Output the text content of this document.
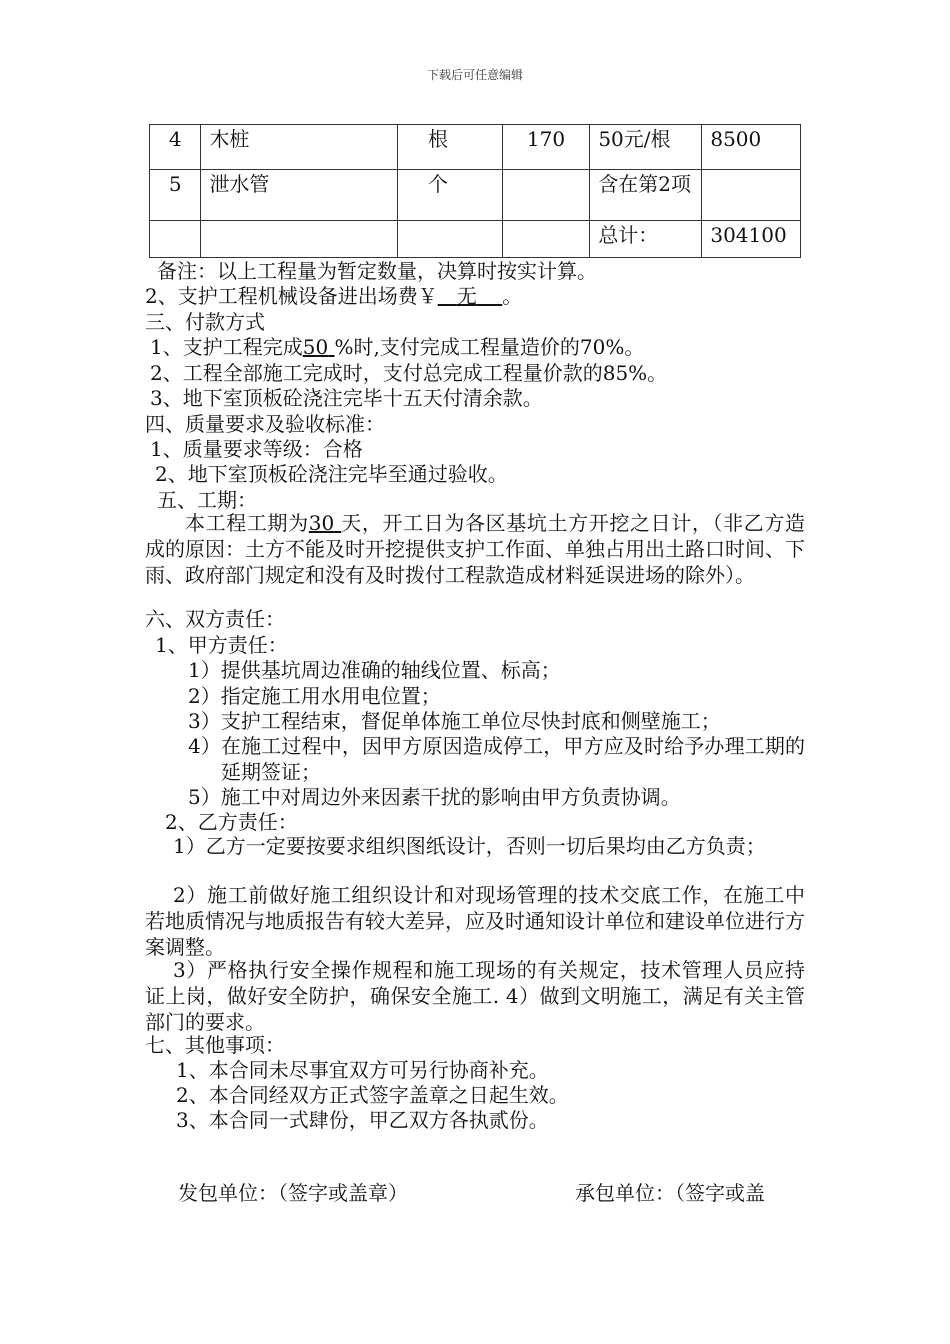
下载后可任意编辑
4	木桩	根	170	50元/根	8500
5	泄水管	个		含在第2项	
				总计：	304100
备注：以上工程量为暂定数量，决算时按实计算。
2、支护工程机械设备进出场费￥ 无 。
三、付款方式
1、支护工程完成50 %时,支付完成工程量造价的70%。
2、工程全部施工完成时，支付总完成工程量价款的85%。
3、地下室顶板砼浇注完毕十五天付清余款。
四、质量要求及验收标准：
1、质量要求等级：合格
2、地下室顶板砼浇注完毕至通过验收。
五、工期：
本工程工期为30 天，开工日为各区基坑土方开挖之日计，（非乙方造成的原因：土方不能及时开挖提供支护工作面、单独占用出土路口时间、下雨、政府部门规定和没有及时拨付工程款造成材料延误进场的除外）。
六、双方责任：
1、甲方责任：
1）提供基坑周边准确的轴线位置、标高；
2）指定施工用水用电位置；
3）支护工程结束，督促单体施工单位尽快封底和侧壁施工；
4）在施工过程中，因甲方原因造成停工，甲方应及时给予办理工期的延期签证；
5）施工中对周边外来因素干扰的影响由甲方负责协调。
2、乙方责任：
1）乙方一定要按要求组织图纸设计，否则一切后果均由乙方负责；
2）施工前做好施工组织设计和对现场管理的技术交底工作，在施工中若地质情况与地质报告有较大差异，应及时通知设计单位和建设单位进行方案调整。
3）严格执行安全操作规程和施工现场的有关规定，技术管理人员应持证上岗，做好安全防护，确保安全施工. 4）做到文明施工，满足有关主管部门的要求。
七、其他事项：
1、本合同未尽事宜双方可另行协商补充。
2、本合同经双方正式签字盖章之日起生效。
3、本合同一式肆份，甲乙双方各执贰份。
发包单位：（签字或盖章）	承包单位：（签字或盖
